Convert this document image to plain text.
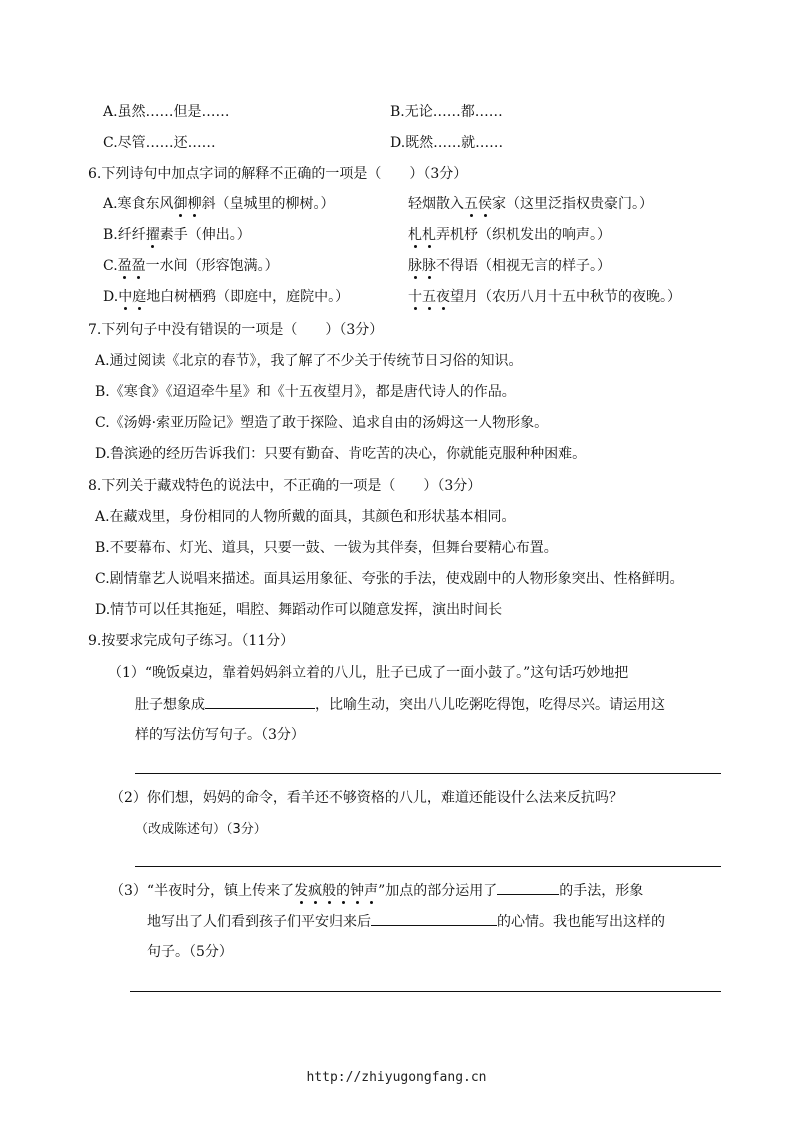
A.虽然……但是……	B.无论……都……
C.尽管……还……	D.既然……就……
6.下列诗句中加点字词的解释不正确的一项是（　　）（3分）
A.寒食东风御柳斜（皇城里的柳树。）	轻烟散入五侯家（这里泛指权贵豪门。）
B.纤纤擢素手（伸出。）	札札弄机杼（织机发出的响声。）
C.盈盈一水间（形容饱满。）	脉脉不得语（相视无言的样子。）
D.中庭地白树栖鸦（即庭中，庭院中。）	十五夜望月（农历八月十五中秋节的夜晚。）
7.下列句子中没有错误的一项是（　　）（3分）
A.通过阅读《北京的春节》，我了解了不少关于传统节日习俗的知识。
B.《寒食》《迢迢牵牛星》和《十五夜望月》，都是唐代诗人的作品。
C.《汤姆·索亚历险记》塑造了敢于探险、追求自由的汤姆这一人物形象。
D.鲁滨逊的经历告诉我们：只要有勤奋、肯吃苦的决心，你就能克服种种困难。
8.下列关于藏戏特色的说法中，不正确的一项是（　　）（3分）
A.在藏戏里，身份相同的人物所戴的面具，其颜色和形状基本相同。
B.不要幕布、灯光、道具，只要一鼓、一钹为其伴奏，但舞台要精心布置。
C.剧情靠艺人说唱来描述。面具运用象征、夸张的手法，使戏剧中的人物形象突出、性格鲜明。
D.情节可以任其拖延，唱腔、舞蹈动作可以随意发挥，演出时间长
9.按要求完成句子练习。（11分）
（1）“晚饭桌边，靠着妈妈斜立着的八儿，肚子已成了一面小鼓了。”这句话巧妙地把
肚子想象成	，比喻生动，突出八儿吃粥吃得饱，吃得尽兴。请运用这
样的写法仿写句子。（3分）
（2）你们想，妈妈的命令，看羊还不够资格的八儿，难道还能设什么法来反抗吗？
（改成陈述句）（3分）
（3）“半夜时分，镇上传来了发疯般的钟声”加点的部分运用了	的手法，形象
地写出了人们看到孩子们平安归来后	的心情。我也能写出这样的
句子。（5分）
http://zhiyugongfang.cn
